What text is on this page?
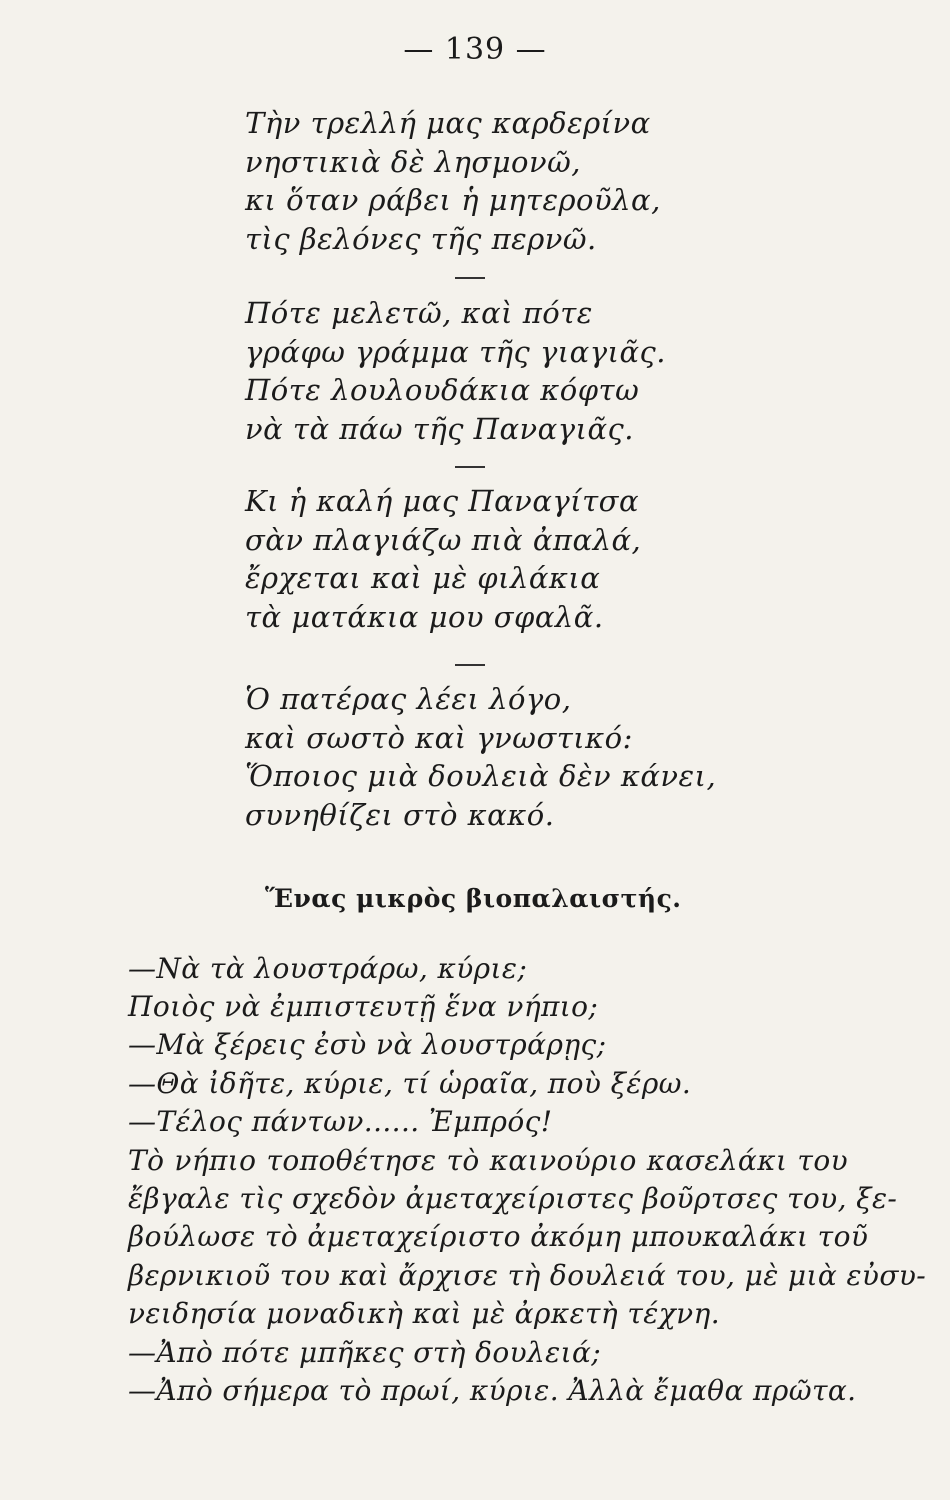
— 139 —
Τὴν τρελλή μας καρδερίνα
νηστικιὰ δὲ λησμονῶ,
κι ὅταν ράβει ἡ μητεροῦλα,
τὶς βελόνες τῆς περνῶ.
Πότε μελετῶ, καὶ πότε
γράφω γράμμα τῆς γιαγιᾶς.
Πότε λουλουδάκια κόφτω
νὰ τὰ πάω τῆς Παναγιᾶς.
Κι ἡ καλή μας Παναγίτσα
σὰν πλαγιάζω πιὰ ἀπαλά,
ἔρχεται καὶ μὲ φιλάκια
τὰ ματάκια μου σφαλᾶ.
Ὁ πατέρας λέει λόγο,
καὶ σωστὸ καὶ γνωστικό:
Ὅποιος μιὰ δουλειὰ δὲν κάνει,
συνηθίζει στὸ κακό.
Ἕνας μικρὸς βιοπαλαιστής.
—Νὰ τὰ λουστράρω, κύριε;
Ποιὸς νὰ ἐμπιστευτῇ ἕνα νήπιο;
—Μὰ ξέρεις ἐσὺ νὰ λουστράρῃς;
—Θὰ ἰδῆτε, κύριε, τί ὡραῖα, ποὺ ξέρω.
—Τέλος πάντων...... Ἐμπρός!
Τὸ νήπιο τοποθέτησε τὸ καινούριο κασελάκι του
ἔβγαλε τὶς σχεδὸν ἀμεταχείριστες βοῦρτσες του, ξε-
βούλωσε τὸ ἀμεταχείριστο ἀκόμη μπουκαλάκι τοῦ
βερνικιοῦ του καὶ ἄρχισε τὴ δουλειά του, μὲ μιὰ εὐσυ-
νειδησία μοναδικὴ καὶ μὲ ἀρκετὴ τέχνη.
—Ἀπὸ πότε μπῆκες στὴ δουλειά;
—Ἀπὸ σήμερα τὸ πρωί, κύριε. Ἀλλὰ ἔμαθα πρῶτα.
